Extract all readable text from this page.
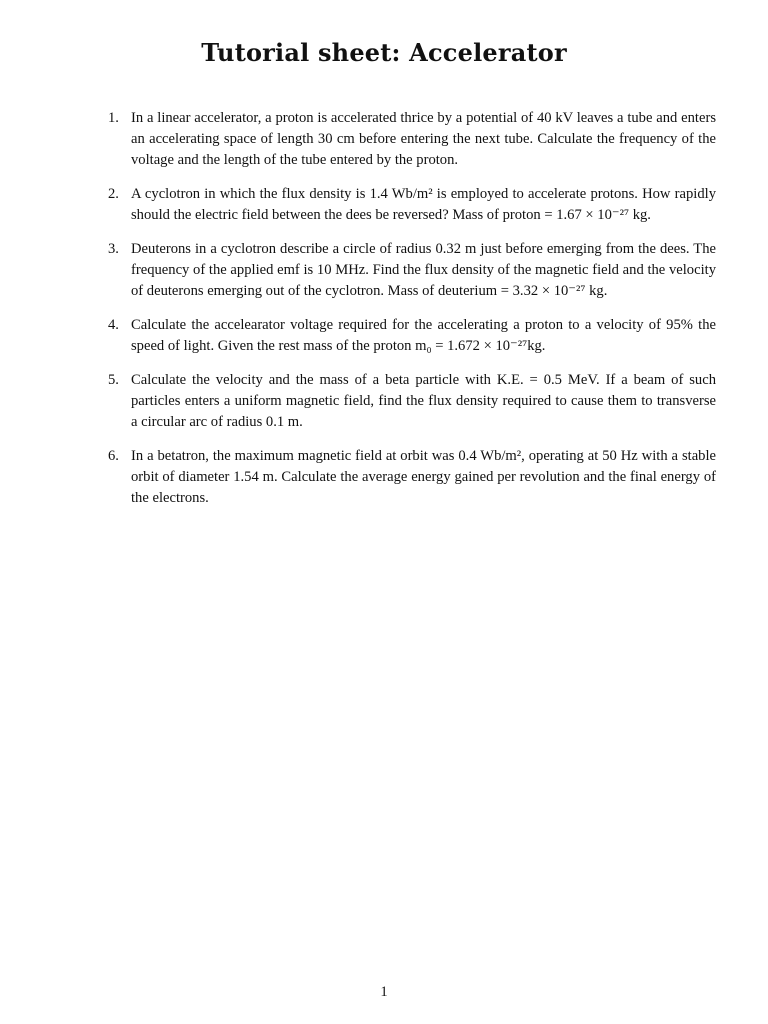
Tutorial sheet: Accelerator
1. In a linear accelerator, a proton is accelerated thrice by a potential of 40 kV leaves a tube and enters an accelerating space of length 30 cm before entering the next tube. Calculate the frequency of the voltage and the length of the tube entered by the proton.
2. A cyclotron in which the flux density is 1.4 Wb/m² is employed to accelerate protons. How rapidly should the electric field between the dees be reversed? Mass of proton = 1.67 × 10⁻²⁷ kg.
3. Deuterons in a cyclotron describe a circle of radius 0.32 m just before emerging from the dees. The frequency of the applied emf is 10 MHz. Find the flux density of the magnetic field and the velocity of deuterons emerging out of the cyclotron. Mass of deuterium = 3.32 × 10⁻²⁷ kg.
4. Calculate the accelearator voltage required for the accelerating a proton to a velocity of 95% the speed of light. Given the rest mass of the proton m₀ = 1.672 × 10⁻²⁷kg.
5. Calculate the velocity and the mass of a beta particle with K.E. = 0.5 MeV. If a beam of such particles enters a uniform magnetic field, find the flux density required to cause them to transverse a circular arc of radius 0.1 m.
6. In a betatron, the maximum magnetic field at orbit was 0.4 Wb/m², operating at 50 Hz with a stable orbit of diameter 1.54 m. Calculate the average energy gained per revolution and the final energy of the electrons.
1
